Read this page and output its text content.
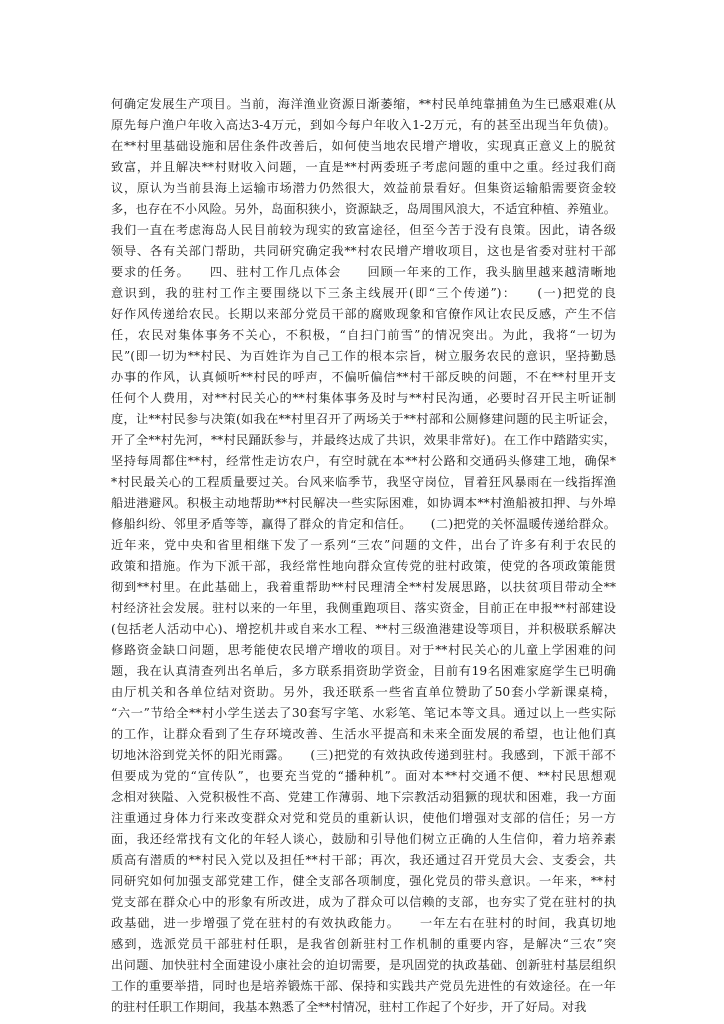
何确定发展生产项目。当前，海洋渔业资源日渐萎缩，**村民单纯靠捕鱼为生已感艰难(从
原先每户渔户年收入高达3-4万元，到如今每户年收入1-2万元，有的甚至出现当年负债)。
在**村里基础设施和居住条件改善后，如何使当地农民增产增收，实现真正意义上的脱贫
致富，并且解决**村财收入问题，一直是**村两委班子考虑问题的重中之重。经过我们商
议，原认为当前县海上运输市场潜力仍然很大，效益前景看好。但集资运输船需要资金较
多，也存在不小风险。另外，岛面积狭小，资源缺乏，岛周围风浪大，不适宜种植、养殖业。
我们一直在考虑海岛人民目前较为现实的致富途径，但至今苦于没有良策。因此，请各级
领导、各有关部门帮助，共同研究确定我**村农民增产增收项目，这也是省委对驻村干部
要求的任务。　　四、驻村工作几点体会　　回顾一年来的工作，我头脑里越来越清晰地
意识到，我的驻村工作主要围绕以下三条主线展开(即“三个传递”)：　　(一)把党的良
好作风传递给农民。长期以来部分党员干部的腐败现象和官僚作风让农民反感，产生不信
任，农民对集体事务不关心，不积极，“自扫门前雪”的情况突出。为此，我将“一切为
民”(即一切为**村民、为百姓诈为自己工作的根本宗旨，树立服务农民的意识，坚持勤恳
办事的作风，认真倾听**村民的呼声，不偏听偏信**村干部反映的问题，不在**村里开支
任何个人费用，对**村民关心的**村集体事务及时与**村民沟通，必要时召开民主听证制
度，让**村民参与决策(如我在**村里召开了两场关于**村部和公厕修建问题的民主听证会，
开了全**村先河，**村民踊跃参与，并最终达成了共识，效果非常好)。在工作中踏踏实实，
坚持每周都住**村，经常性走访农户，有空时就在本**村公路和交通码头修建工地，确保*
*村民最关心的工程质量要过关。台风来临季节，我坚守岗位，冒着狂风暴雨在一线指挥渔
船进港避风。积极主动地帮助**村民解决一些实际困难，如协调本**村渔船被扣押、与外埠
修船纠纷、邻里矛盾等等，赢得了群众的肯定和信任。　　(二)把党的关怀温暖传递给群众。
近年来，党中央和省里相继下发了一系列“三农”问题的文件，出台了许多有利于农民的
政策和措施。作为下派干部，我经常性地向群众宣传党的驻村政策，使党的各项政策能贯
彻到**村里。在此基础上，我着重帮助**村民理清全**村发展思路，以扶贫项目带动全**
村经济社会发展。驻村以来的一年里，我侧重跑项目、落实资金，目前正在申报**村部建设
(包括老人活动中心)、增挖机井或自来水工程、**村三级渔港建设等项目，并积极联系解决
修路资金缺口问题，思考能使农民增产增收的项目。对于**村民关心的儿童上学困难的问
题，我在认真清查列出名单后，多方联系捐资助学资金，目前有19名困难家庭学生已明确
由厅机关和各单位结对资助。另外，我还联系一些省直单位赞助了50套小学新课桌椅，
“六一”节给全**村小学生送去了30套写字笔、水彩笔、笔记本等文具。通过以上一些实际
的工作，让群众看到了生存环境改善、生活水平提高和未来全面发展的希望，也让他们真
切地沐浴到党关怀的阳光雨露。　　(三)把党的有效执政传递到驻村。我感到，下派干部不
但要成为党的“宣传队”，也要充当党的“播种机”。面对本**村交通不便、**村民思想观
念相对狭隘、入党积极性不高、党建工作薄弱、地下宗教活动猖獗的现状和困难，我一方面
注重通过身体力行来改变群众对党和党员的重新认识，使他们增强对支部的信任；另一方
面，我还经常找有文化的年轻人谈心，鼓励和引导他们树立正确的人生信仰，着力培养素
质高有潜质的**村民入党以及担任**村干部；再次，我还通过召开党员大会、支委会，共
同研究如何加强支部党建工作，健全支部各项制度，强化党员的带头意识。一年来，**村
党支部在群众心中的形象有所改进，成为了群众可以信赖的支部，也夯实了党在驻村的执
政基础，进一步增强了党在驻村的有效执政能力。　　一年左右在驻村的时间，我真切地
感到，选派党员干部驻村任职，是我省创新驻村工作机制的重要内容，是解决“三农”突
出问题、加快驻村全面建设小康社会的迫切需要，是巩固党的执政基础、创新驻村基层组织
工作的重要举措，同时也是培养锻炼干部、保持和实践共产党员先进性的有效途径。在一年
的驻村任职工作期间，我基本熟悉了全**村情况，驻村工作起了个好步，开了好局。对我
